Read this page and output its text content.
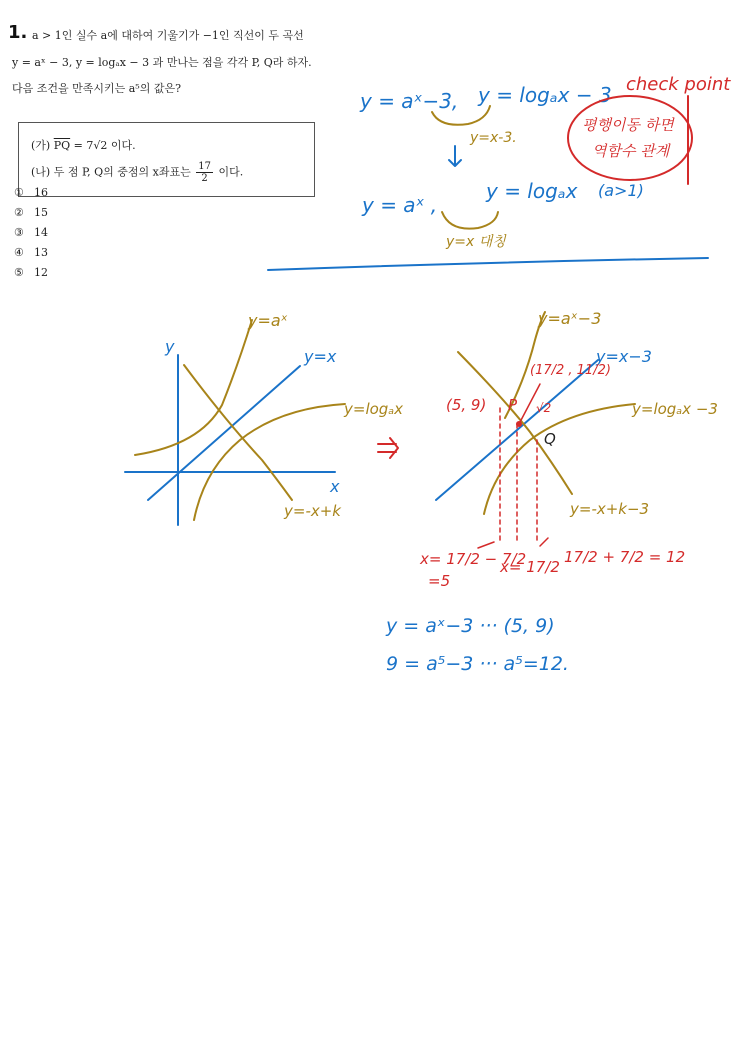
1. a > 1인 실수 a에 대하여 기울기가 −1인 직선이 두 곡선
y = aˣ − 3, y = logₐx − 3 과 만나는 점을 각각 P, Q라 하자.
다음 조건을 만족시키는 a⁵의 값은?
(가) $\overline{PQ} = 7√2$ 이다.
(나) 두 점 P, Q의 중점의 x좌표는 $\frac{17}{2}$ 이다.
① 16
② 15
③ 14
④ 13
⑤ 12
y = aˣ−3, y = logₐx − 3
y=x-3.
y = aˣ ,
y = logₐx
y=x 대칭
(a>1)
check point
평행이동 하면
역함수 관계
y
x
y=x
y=aˣ
y=logₐx
y=-x+k
y=x−3
y=-x+k−3
y=aˣ−3
y=logₐx −3
(17/2 , 11/2)
(5, 9) P √2
Q
x= 17/2 − 7/2
=5
x= 17/2
17/2 + 7/2 = 12
y = aˣ−3 ··· (5, 9)
9 = a⁵−3 ··· a⁵=12.
